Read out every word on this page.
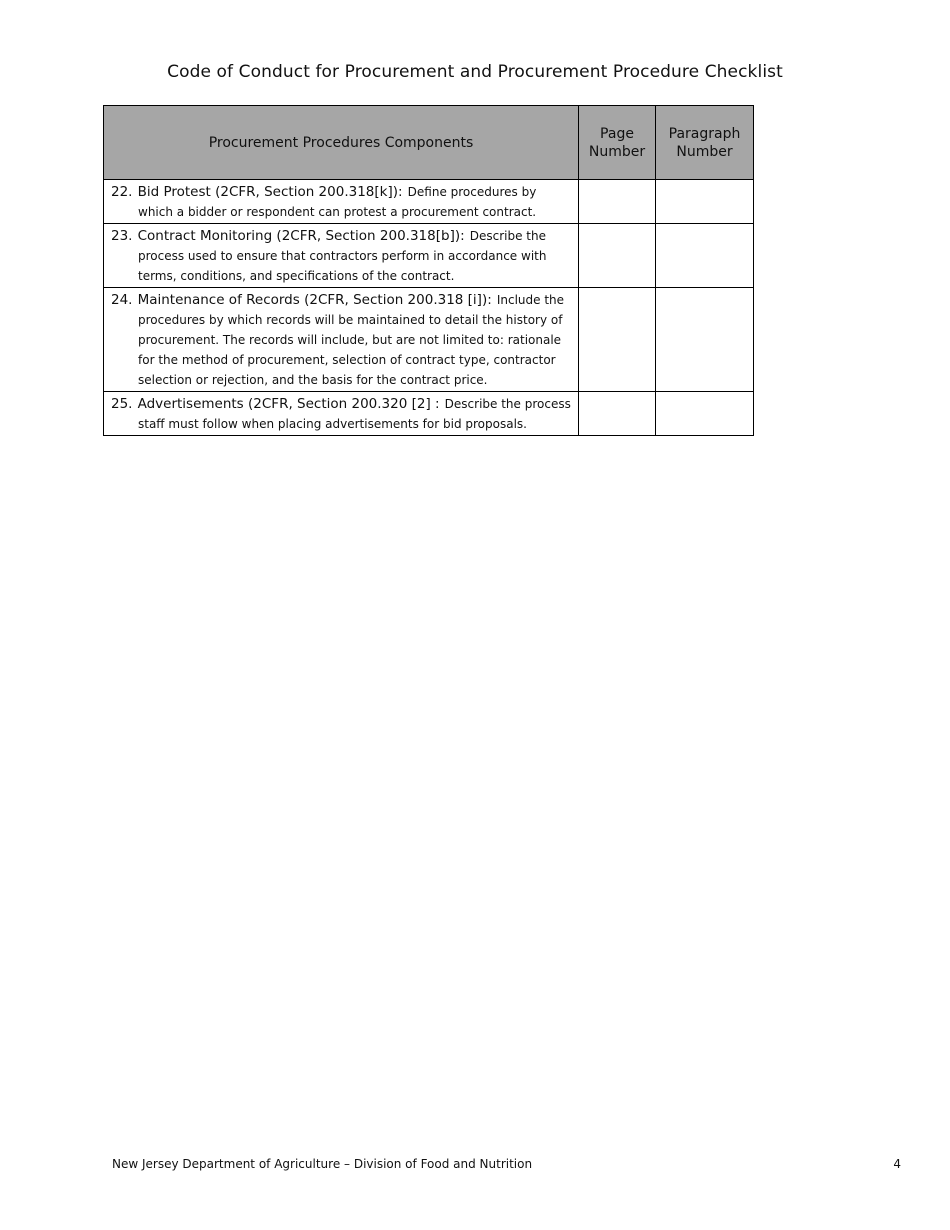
Code of Conduct for Procurement and Procurement Procedure Checklist
Procurement Procedures Components	Page Number	Paragraph Number

22. Bid Protest (2CFR, Section 200.318[k]): Define procedures by which a bidder or respondent can protest a procurement contract.		

23. Contract Monitoring (2CFR, Section 200.318[b]): Describe the process used to ensure that contractors perform in accordance with terms, conditions, and specifications of the contract.		

24. Maintenance of Records (2CFR, Section 200.318 [i]): Include the procedures by which records will be maintained to detail the history of procurement. The records will include, but are not limited to: rationale for the method of procurement, selection of contract type, contractor selection or rejection, and the basis for the contract price.		

25. Advertisements (2CFR, Section 200.320 [2] : Describe the process staff must follow when placing advertisements for bid proposals.		

New Jersey Department of Agriculture – Division of Food and Nutrition	4
